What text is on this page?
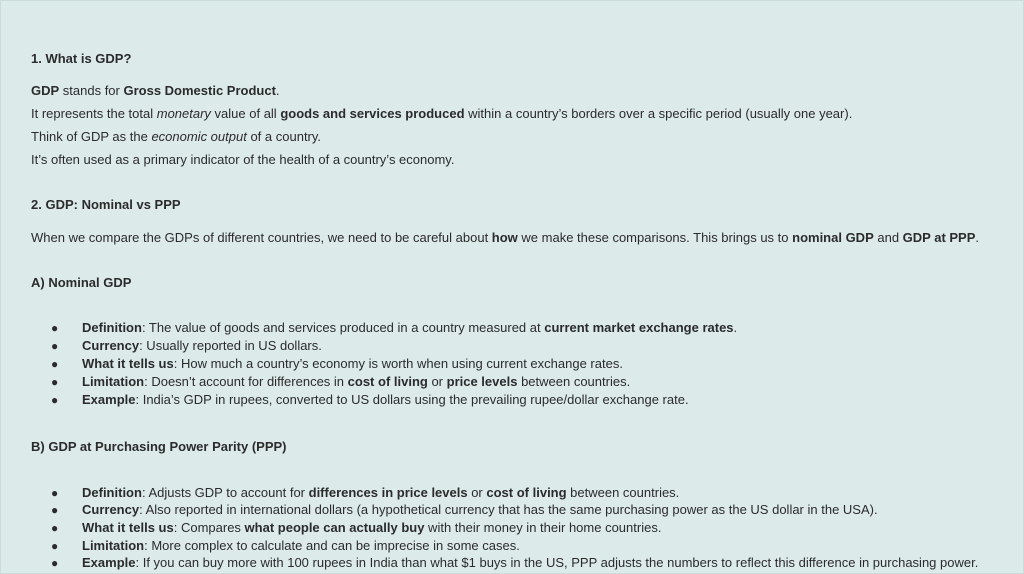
1. What is GDP?
GDP stands for Gross Domestic Product.
It represents the total monetary value of all goods and services produced within a country’s borders over a specific period (usually one year).
Think of GDP as the economic output of a country.
It’s often used as a primary indicator of the health of a country’s economy.
2. GDP: Nominal vs PPP
When we compare the GDPs of different countries, we need to be careful about how we make these comparisons. This brings us to nominal GDP and GDP at PPP.
A) Nominal GDP
● Definition: The value of goods and services produced in a country measured at current market exchange rates.
● Currency: Usually reported in US dollars.
● What it tells us: How much a country’s economy is worth when using current exchange rates.
● Limitation: Doesn’t account for differences in cost of living or price levels between countries.
● Example: India’s GDP in rupees, converted to US dollars using the prevailing rupee/dollar exchange rate.
B) GDP at Purchasing Power Parity (PPP)
● Definition: Adjusts GDP to account for differences in price levels or cost of living between countries.
● Currency: Also reported in international dollars (a hypothetical currency that has the same purchasing power as the US dollar in the USA).
● What it tells us: Compares what people can actually buy with their money in their home countries.
● Limitation: More complex to calculate and can be imprecise in some cases.
● Example: If you can buy more with 100 rupees in India than what $1 buys in the US, PPP adjusts the numbers to reflect this difference in purchasing power.
